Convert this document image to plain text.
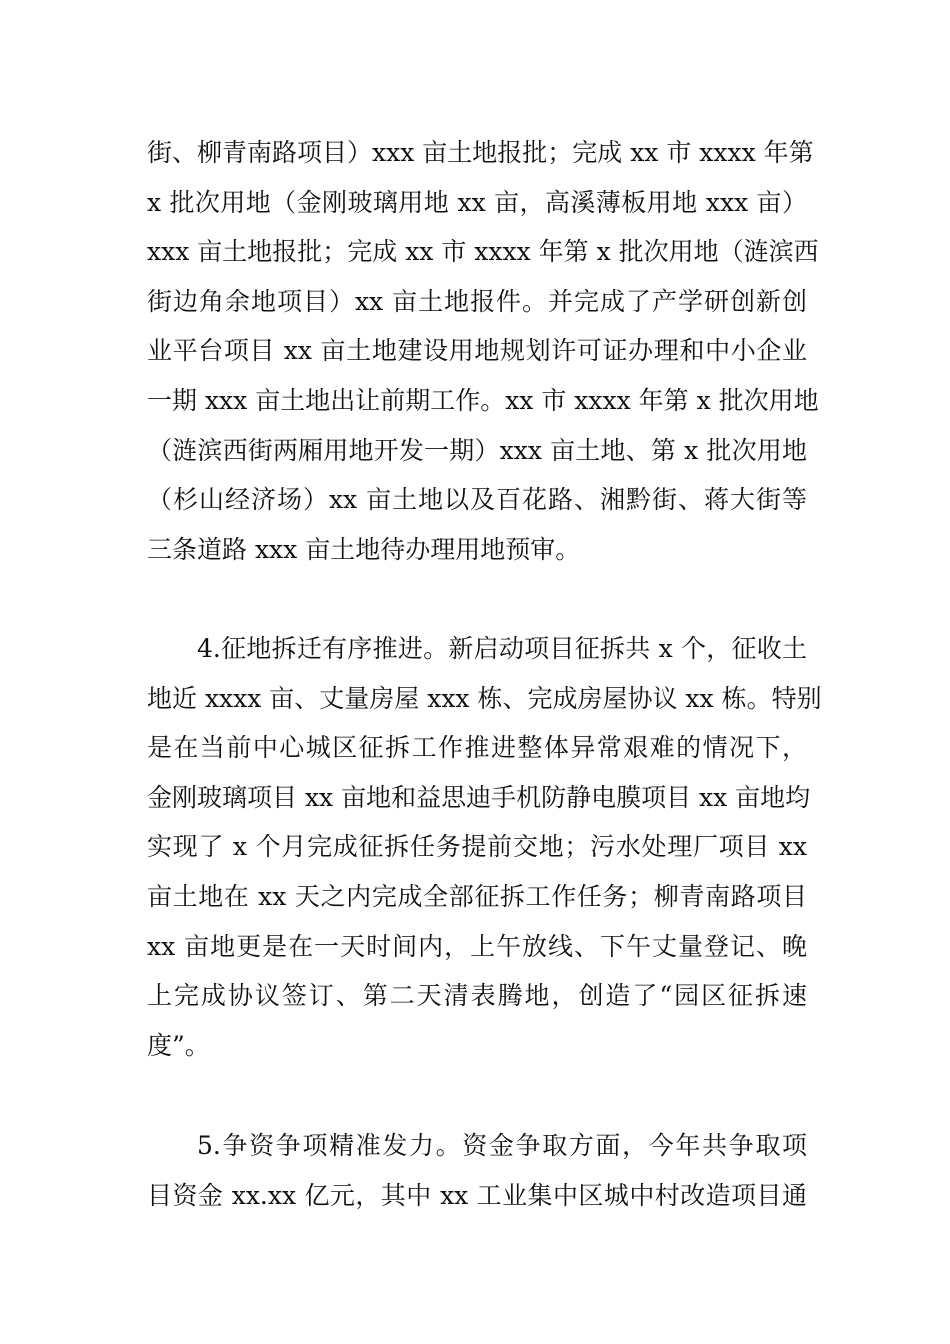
街、柳青南路项目）xxx 亩土地报批；完成 xx 市 xxxx 年第
x 批次用地（金刚玻璃用地 xx 亩，高溪薄板用地 xxx 亩）
xxx 亩土地报批；完成 xx 市 xxxx 年第 x 批次用地（涟滨西
街边角余地项目）xx 亩土地报件。并完成了产学研创新创
业平台项目 xx 亩土地建设用地规划许可证办理和中小企业
一期 xxx 亩土地出让前期工作。xx 市 xxxx 年第 x 批次用地
（涟滨西街两厢用地开发一期）xxx 亩土地、第 x 批次用地
（杉山经济场）xx 亩土地以及百花路、湘黔街、蒋大街等
三条道路 xxx 亩土地待办理用地预审。
4.征地拆迁有序推进。新启动项目征拆共 x 个，征收土
地近 xxxx 亩、丈量房屋 xxx 栋、完成房屋协议 xx 栋。特别
是在当前中心城区征拆工作推进整体异常艰难的情况下，
金刚玻璃项目 xx 亩地和益思迪手机防静电膜项目 xx 亩地均
实现了 x 个月完成征拆任务提前交地；污水处理厂项目 xx
亩土地在 xx 天之内完成全部征拆工作任务；柳青南路项目
xx 亩地更是在一天时间内，上午放线、下午丈量登记、晚
上完成协议签订、第二天清表腾地，创造了“园区征拆速
度”。
5.争资争项精准发力。资金争取方面，今年共争取项
目资金 xx.xx 亿元，其中 xx 工业集中区城中村改造项目通
